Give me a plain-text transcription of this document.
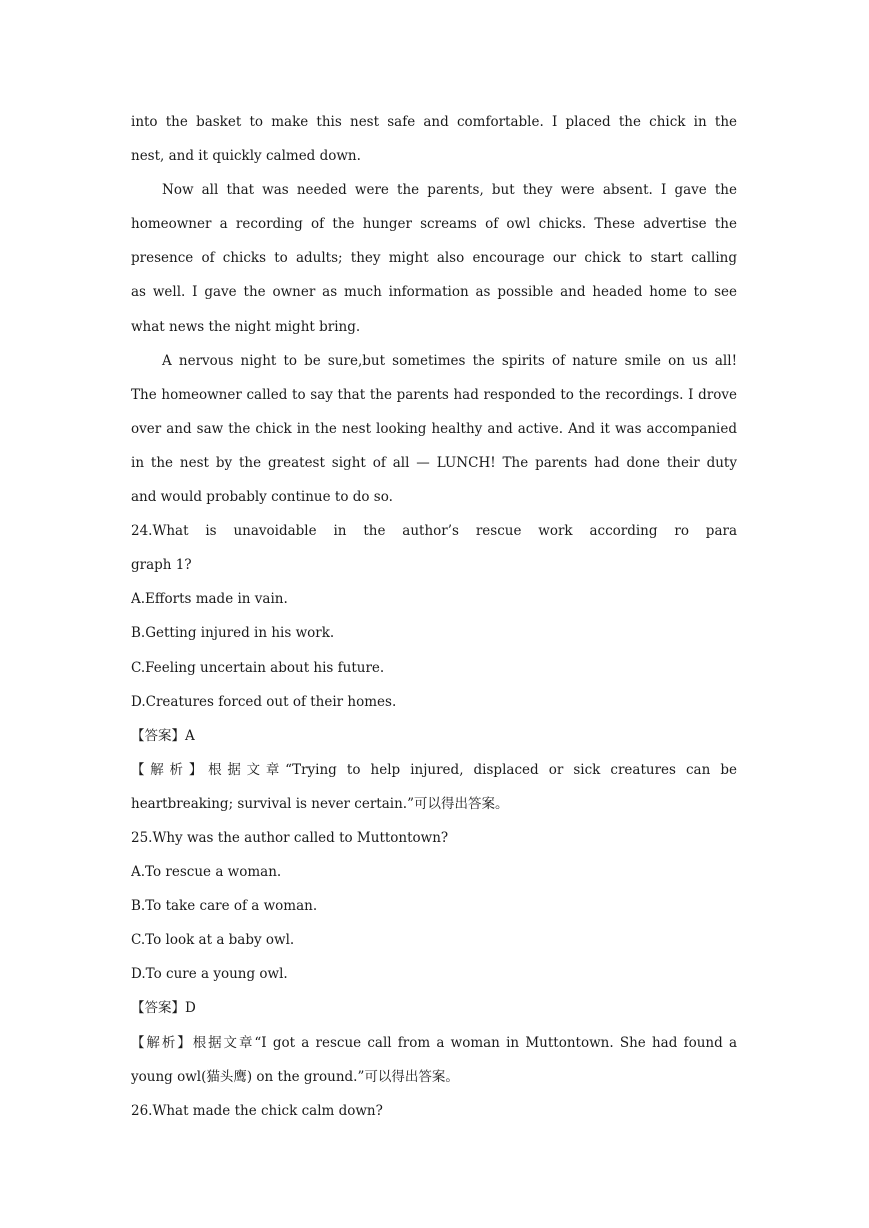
into the basket to make this nest safe and comfortable. I placed the chick in the
nest, and it quickly calmed down.
Now all that was needed were the parents, but they were absent. I gave the
homeowner a recording of the hunger screams of owl chicks. These advertise the
presence of chicks to adults; they might also encourage our chick to start calling
as well. I gave the owner as much information as possible and headed home to see
what news the night might bring.
A nervous night to be sure,but sometimes the spirits of nature smile on us all!
The homeowner called to say that the parents had responded to the recordings. I drove
over and saw the chick in the nest looking healthy and active. And it was accompanied
in the nest by the greatest sight of all — LUNCH! The parents had done their duty
and would probably continue to do so.
24.What is unavoidable in the author’s rescue work according ro para
graph 1?
A.Efforts made in vain.
B.Getting injured in his work.
C.Feeling uncertain about his future.
D.Creatures forced out of their homes.
【答案】A
【解析】根据文章“Trying to help injured, displaced or sick creatures can be
heartbreaking; survival is never certain.”可以得出答案。
25.Why was the author called to Muttontown?
A.To rescue a woman.
B.To take care of a woman.
C.To look at a baby owl.
D.To cure a young owl.
【答案】D
【解析】根据文章“I got a rescue call from a woman in Muttontown. She had found a
young owl(猫头鹰) on the ground.”可以得出答案。
26.What made the chick calm down?
